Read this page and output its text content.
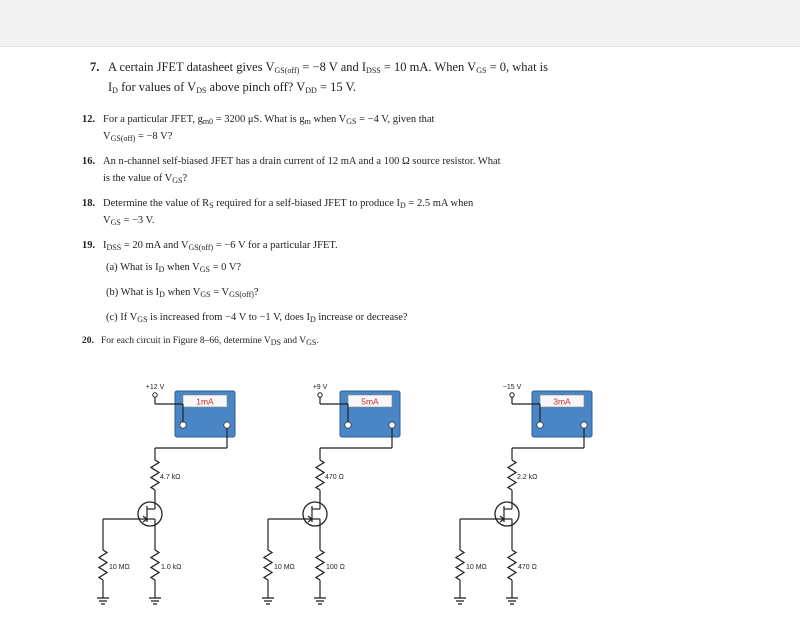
7. A certain JFET datasheet gives $V_{GS(off)} = -8$ V and $I_{DSS} = 10$ mA. When $V_{GS} = 0$, what is
$I_D$ for values of $V_{DS}$ above pinch off? $V_{DD} = 15$ V.
12. For a particular JFET, $g_{m0} = 3200$ μS. What is $g_m$ when $V_{GS} = -4$ V, given that
$V_{GS(off)} = -8$ V?
16. An n-channel self-biased JFET has a drain current of 12 mA and a 100 Ω source resistor. What
is the value of $V_{GS}$?
18. Determine the value of $R_S$ required for a self-biased JFET to produce $I_D = 2.5$ mA when
$V_{GS} = -3$ V.
19. $I_{DSS} = 20$ mA and $V_{GS(off)} = -6$ V for a particular JFET.
(a) What is $I_D$ when $V_{GS} = 0$ V?
(b) What is $I_D$ when $V_{GS} = V_{GS(off)}$?
(c) If $V_{GS}$ is increased from −4 V to −1 V, does $I_D$ increase or decrease?
20. For each circuit in Figure 8–66, determine $V_{DS}$ and $V_{GS}$.
+12 V
1mA
4.7 kΩ
10 MΩ	1.0 kΩ
+9 V
5mA
470 Ω
10 MΩ	100 Ω
−15 V
3mA
2.2 kΩ
10 MΩ	470 Ω
